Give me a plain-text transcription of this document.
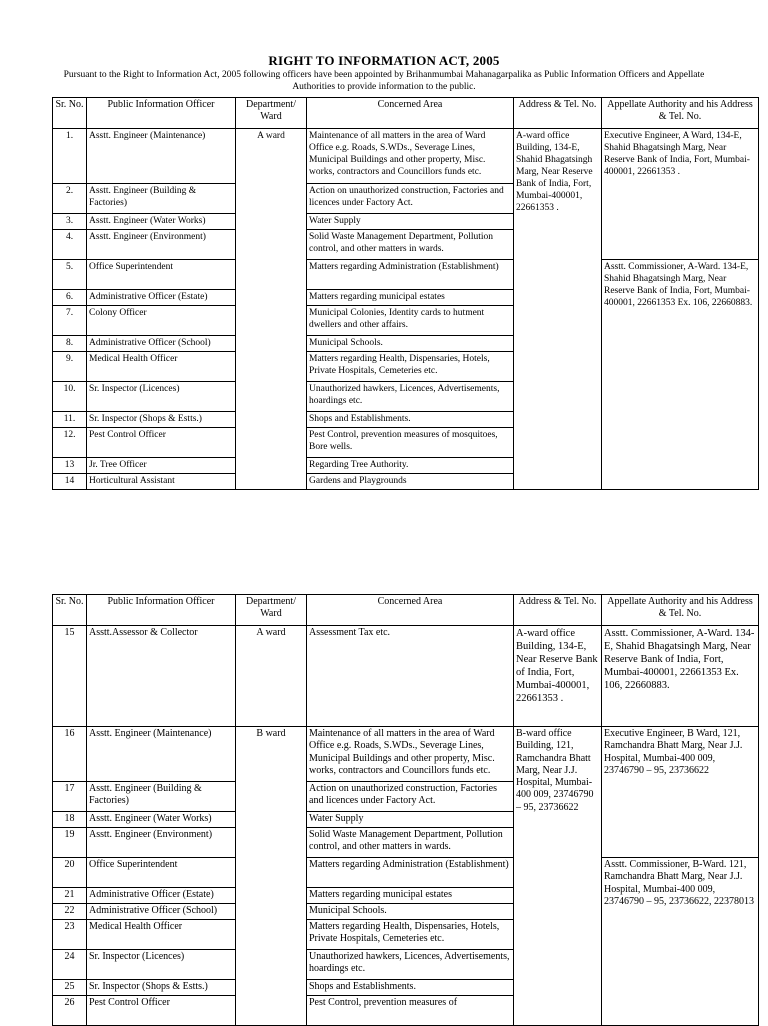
RIGHT TO INFORMATION ACT, 2005
Pursuant to the Right to Information Act, 2005 following officers have been appointed by Brihanmumbai Mahanagarpalika as Public Information Officers and Appellate Authorities to provide information to the public.
Sr. No.	Public Information Officer	Department/ Ward	Concerned Area	Address & Tel. No.	Appellate Authority and his Address & Tel. No.
1.	Asstt. Engineer (Maintenance)	A ward	Maintenance of all matters in the area of Ward Office e.g. Roads, S.WDs., Severage Lines, Municipal Buildings and other property, Misc. works, contractors and Councillors funds etc.	A-ward office Building, 134-E, Shahid Bhagatsingh Marg, Near Reserve Bank of India, Fort, Mumbai-400001, 22661353 .	Executive Engineer, A Ward, 134-E, Shahid Bhagatsingh Marg, Near Reserve Bank of India, Fort, Mumbai-400001, 22661353 .
2.	Asstt. Engineer (Building & Factories)		Action on unauthorized construction, Factories and licences under Factory Act.		
3.	Asstt. Engineer (Water Works)		Water Supply		
4.	Asstt. Engineer (Environment)		Solid Waste Management Department, Pollution control, and other matters in wards.		
5.	Office Superintendent		Matters regarding Administration (Establishment)		Asstt. Commissioner, A-Ward. 134-E, Shahid Bhagatsingh Marg, Near Reserve Bank of India, Fort, Mumbai-400001, 22661353 Ex. 106, 22660883.
6.	Administrative Officer (Estate)		Matters regarding municipal estates		
7.	Colony Officer		Municipal Colonies, Identity cards to hutment dwellers and other affairs.		
8.	Administrative Officer (School)		Municipal Schools.		
9.	Medical Health Officer		Matters regarding Health, Dispensaries, Hotels, Private Hospitals, Cemeteries etc.		
10.	Sr. Inspector (Licences)		Unauthorized hawkers, Licences, Advertisements, hoardings etc.		
11.	Sr. Inspector (Shops & Estts.)		Shops and Establishments.		
12.	Pest Control Officer		Pest Control, prevention measures of mosquitoes, Bore wells.		
13	Jr. Tree Officer		Regarding Tree Authority.		
14	Horticultural Assistant		Gardens and Playgrounds		
Sr. No.	Public Information Officer	Department/ Ward	Concerned Area	Address & Tel. No.	Appellate Authority and his Address & Tel. No.
15	Asstt.Assessor & Collector	A ward	Assessment Tax etc.	A-ward office Building, 134-E, Near Reserve Bank of India, Fort, Mumbai-400001, 22661353 .	Asstt. Commissioner, A-Ward. 134-E, Shahid Bhagatsingh Marg, Near Reserve Bank of India, Fort, Mumbai-400001, 22661353 Ex. 106, 22660883.
16	Asstt. Engineer (Maintenance)	B ward	Maintenance of all matters in the area of Ward Office e.g. Roads, S.WDs., Severage Lines, Municipal Buildings and other property, Misc. works, contractors and Councillors funds etc.	B-ward office Building, 121, Ramchandra Bhatt Marg, Near J.J. Hospital, Mumbai-400 009, 23746790 – 95, 23736622	Executive Engineer, B Ward, 121, Ramchandra Bhatt Marg, Near J.J. Hospital, Mumbai-400 009, 23746790 – 95, 23736622
17	Asstt. Engineer (Building & Factories)		Action on unauthorized construction, Factories and licences under Factory Act.		
18	Asstt. Engineer (Water Works)		Water Supply		
19	Asstt. Engineer (Environment)		Solid Waste Management Department, Pollution control, and other matters in wards.		
20	Office Superintendent		Matters regarding Administration (Establishment)		Asstt. Commissioner, B-Ward. 121, Ramchandra Bhatt Marg, Near J.J. Hospital, Mumbai-400 009, 23746790 – 95, 23736622, 22378013
21	Administrative Officer (Estate)		Matters regarding municipal estates		
22	Administrative Officer (School)		Municipal Schools.		
23	Medical Health Officer		Matters regarding Health, Dispensaries, Hotels, Private Hospitals, Cemeteries etc.		
24	Sr. Inspector (Licences)		Unauthorized hawkers, Licences, Advertisements, hoardings etc.		
25	Sr. Inspector (Shops & Estts.)		Shops and Establishments.		
26	Pest Control Officer		Pest Control, prevention measures of		
